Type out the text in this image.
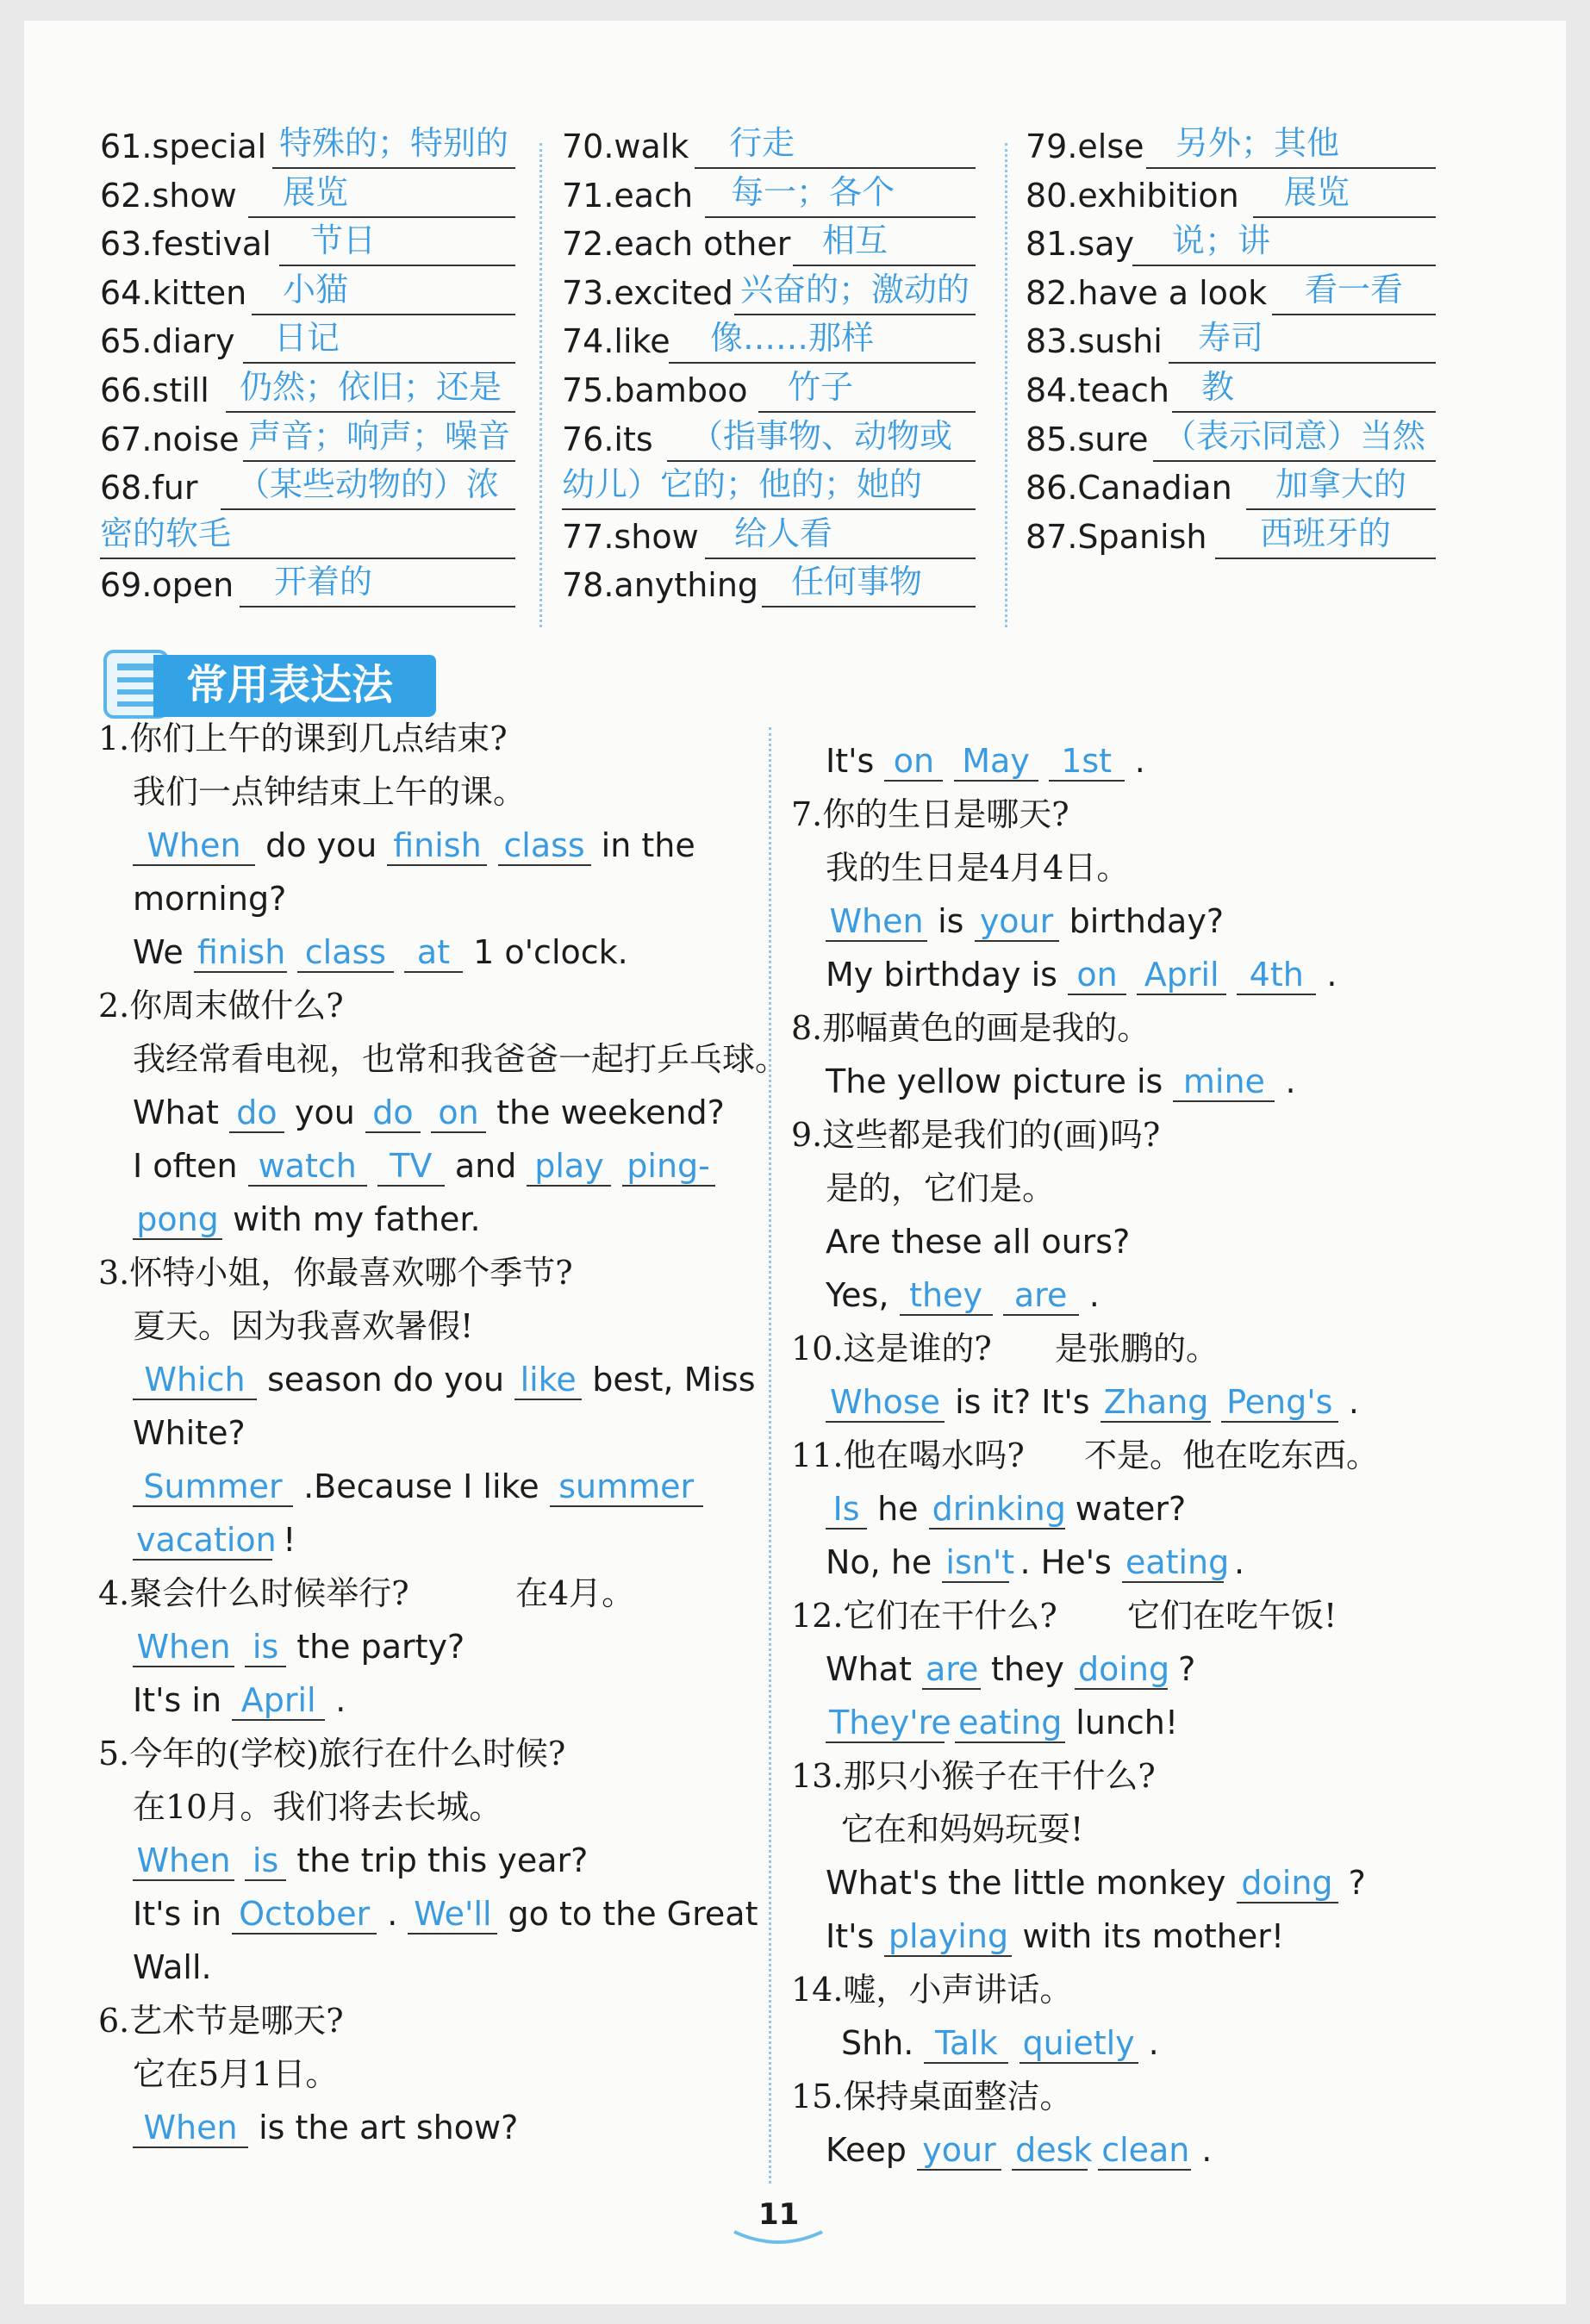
61.special 特殊的；特别的
62.show	展览
63.festival	节日
64.kitten	小猫
65.diary	日记
66.still 仍然；依旧；还是
67.noise 声音；响声；噪音
68.fur	（某些动物的）浓
密的软毛
69.open	开着的
70.walk	行走
71.each	每一；各个
72.each other 相互
73.excited 兴奋的；激动的
74.like	像……那样
75.bamboo	竹子
76.its	（指事物、动物或
幼儿）它的；他的；她的
77.show	给人看
78.anything 任何事物
79.else 另外；其他
80.exhibition	展览
81.say	说；讲
82.have a look	看一看
83.sushi	寿司
84.teach 教
85.sure （表示同意）当然
86.Canadian	加拿大的
87.Spanish	西班牙的
常用表达法
1.你们上午的课到几点结束?
我们一点钟结束上午的课。
When do you finish class in the
morning?
We finish class at 1 o'clock.
2.你周末做什么?
我经常看电视，也常和我爸爸一起打乒乓球。
What do you do on the weekend?
I often watch TV and play ping-
pong with my father.
3.怀特小姐，你最喜欢哪个季节?
夏天。因为我喜欢暑假!
Which season do you like best, Miss
White?
Summer .Because I like summer
vacation !
4.聚会什么时候举行?	在4月。
When is the party?
It's in April .
5.今年的(学校)旅行在什么时候?
在10月。我们将去长城。
When is the trip this year?
It's in October . We'll go to the Great
Wall.
6.艺术节是哪天?
它在5月1日。
When is the art show?
It's on May 1st .
7.你的生日是哪天?
我的生日是4月4日。
When is your birthday?
My birthday is on April 4th .
8.那幅黄色的画是我的。
The yellow picture is mine .
9.这些都是我们的(画)吗?
是的，它们是。
Are these all ours?
Yes, they are .
10.这是谁的? 是张鹏的。
Whose is it? It's Zhang Peng's .
11.他在喝水吗? 不是。他在吃东西。
Is he drinking water?
No, he isn't . He's eating .
12.它们在干什么? 它们在吃午饭!
What are they doing ?
They're eating lunch!
13.那只小猴子在干什么?
它在和妈妈玩耍!
What's the little monkey doing ?
It's playing with its mother!
14.嘘，小声讲话。
Shh. Talk quietly .
15.保持桌面整洁。
Keep your desk clean .
11
